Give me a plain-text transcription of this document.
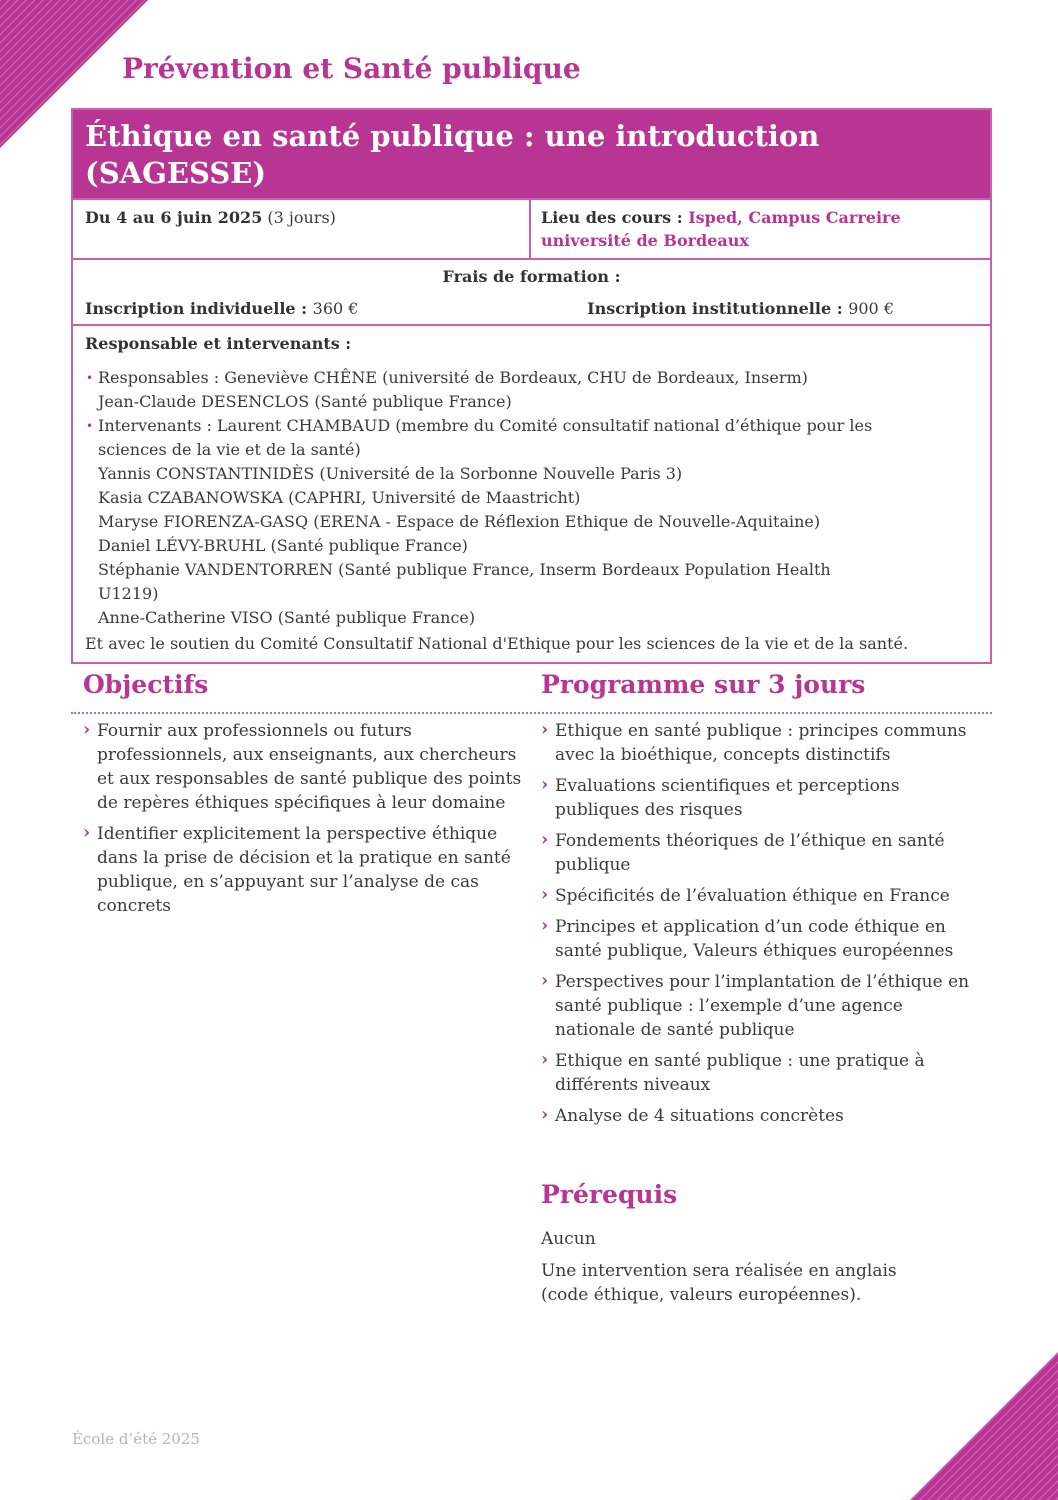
Prévention et Santé publique
Éthique en santé publique : une introduction
(SAGESSE)
Du 4 au 6 juin 2025 (3 jours)	Lieu des cours : Isped, Campus Carreire
université de Bordeaux
Frais de formation :
Inscription individuelle : 360 €	Inscription institutionnelle : 900 €
Responsable et intervenants :
• Responsables : Geneviève CHÊNE (université de Bordeaux, CHU de Bordeaux, Inserm)
Jean-Claude DESENCLOS (Santé publique France)
• Intervenants : Laurent CHAMBAUD (membre du Comité consultatif national d’éthique pour les
sciences de la vie et de la santé)
Yannis CONSTANTINIDÈS (Université de la Sorbonne Nouvelle Paris 3)
Kasia CZABANOWSKA (CAPHRI, Université de Maastricht)
Maryse FIORENZA-GASQ (ERENA - Espace de Réflexion Ethique de Nouvelle-Aquitaine)
Daniel LÉVY-BRUHL (Santé publique France)
Stéphanie VANDENTORREN (Santé publique France, Inserm Bordeaux Population Health
U1219)
Anne-Catherine VISO (Santé publique France)
Et avec le soutien du Comité Consultatif National d'Ethique pour les sciences de la vie et de la santé.
Objectifs	Programme sur 3 jours
› Fournir aux professionnels ou futurs professionnels, aux enseignants, aux chercheurs et aux responsables de santé publique des points de repères éthiques spécifiques à leur domaine
› Identifier explicitement la perspective éthique dans la prise de décision et la pratique en santé publique, en s’appuyant sur l’analyse de cas concrets
› Ethique en santé publique : principes communs avec la bioéthique, concepts distinctifs
› Evaluations scientifiques et perceptions publiques des risques
› Fondements théoriques de l’éthique en santé publique
› Spécificités de l’évaluation éthique en France
› Principes et application d’un code éthique en santé publique, Valeurs éthiques européennes
› Perspectives pour l’implantation de l’éthique en santé publique : l’exemple d’une agence nationale de santé publique
› Ethique en santé publique : une pratique à différents niveaux
› Analyse de 4 situations concrètes
Prérequis
Aucun
Une intervention sera réalisée en anglais
(code éthique, valeurs européennes).
École d’été 2025
